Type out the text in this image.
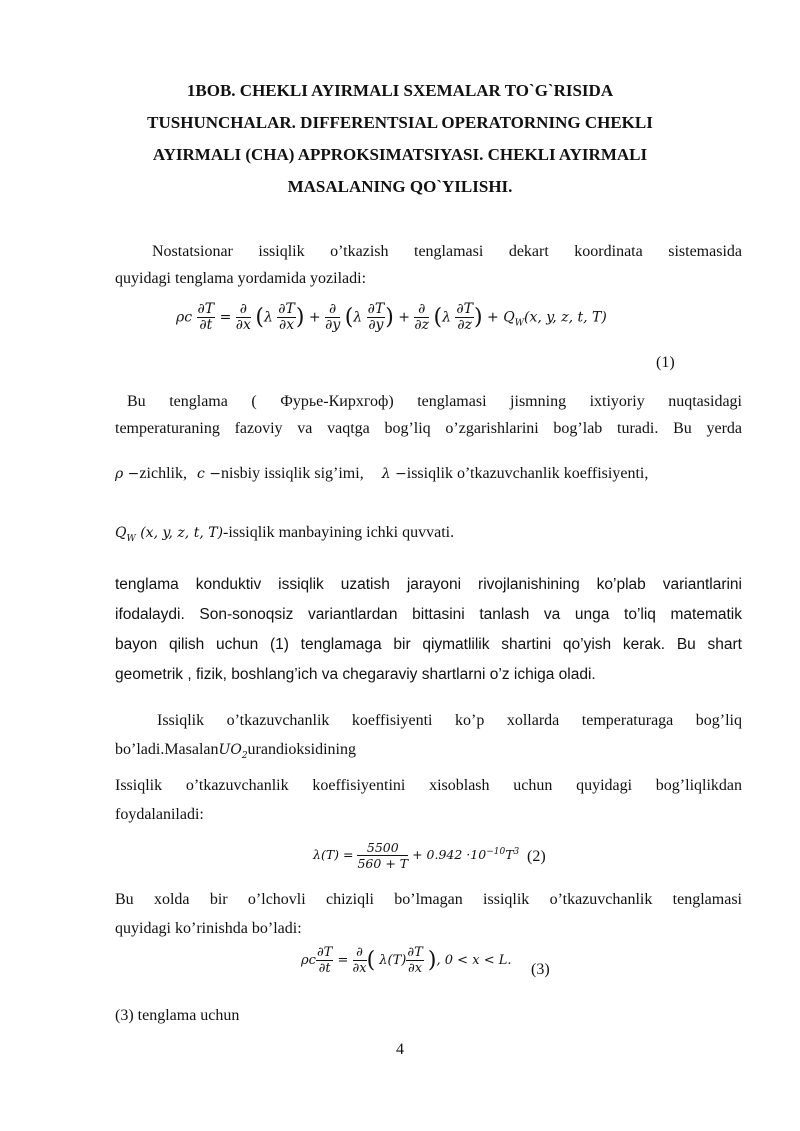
1BOB. CHEKLI AYIRMALI SXEMALAR TO`G`RISIDA
TUSHUNCHALAR. DIFFERENTSIAL OPERATORNING CHEKLI
AYIRMALI (CHA) APPROKSIMATSIYASI. CHEKLI AYIRMALI
MASALANING QO`YILISHI.
Nostatsionar issiqlik o’tkazish tenglamasi dekart koordinata sistemasida
quyidagi tenglama yordamida yoziladi:
ρc $\frac{\partial T}{\partial t} = \frac{\partial}{\partial x} (\lambda \frac{\partial T}{\partial x}$ ) + $\frac{\partial}{\partial y} (\lambda \frac{\partial T}{\partial y}$ ) + $\frac{\partial}{\partial z} (\lambda \frac{\partial T}{\partial z}$ ) + $Q_W(x$, y, z, t, T)
(1)
Bu tenglama ( Фурье-Кирхгоф) tenglamasi jismning ixtiyoriy nuqtasidagi
temperaturaning fazoviy va vaqtga bog’liq o’zgarishlarini bog’lab turadi. Bu yerda
ρ −zichlik, c −nisbiy issiqlik sig’imi, λ −issiqlik o’tkazuvchanlik koeffisiyenti,
$Q_W$ (x, y, z, t, T)-issiqlik manbayining ichki quvvati.
tenglama konduktiv issiqlik uzatish jarayoni rivojlanishining ko’plab variantlarini
ifodalaydi. Son-sonoqsiz variantlardan bittasini tanlash va unga to’liq matematik
bayon qilish uchun (1) tenglamaga bir qiymatlilik shartini qo’yish kerak. Bu shart
geometrik , fizik, boshlang’ich va chegaraviy shartlarni o’z ichiga oladi.
Issiqlik o’tkazuvchanlik koeffisiyenti ko’p xollarda temperaturaga bog’liq
bo’ladi.MasalanUO$_2$urandioksidining
Issiqlik o’tkazuvchanlik koeffisiyentini xisoblash uchun quyidagi bog’liqlikdan
foydalaniladi:
$\lambda(T) = \frac{5500}{560 + T} + 0.942 \cdot 10^{-10}T^3$ (2)
Bu xolda bir o’lchovli chiziqli bo’lmagan issiqlik o’tkazuvchanlik tenglamasi
quyidagi ko’rinishda bo’ladi:
ρc $\frac{\partial T}{\partial t} = \frac{\partial}{\partial x}$ ( $\lambda(T) \frac{\partial T}{\partial x}$ ), 0 < x < L.
(3)
(3) tenglama uchun
4
